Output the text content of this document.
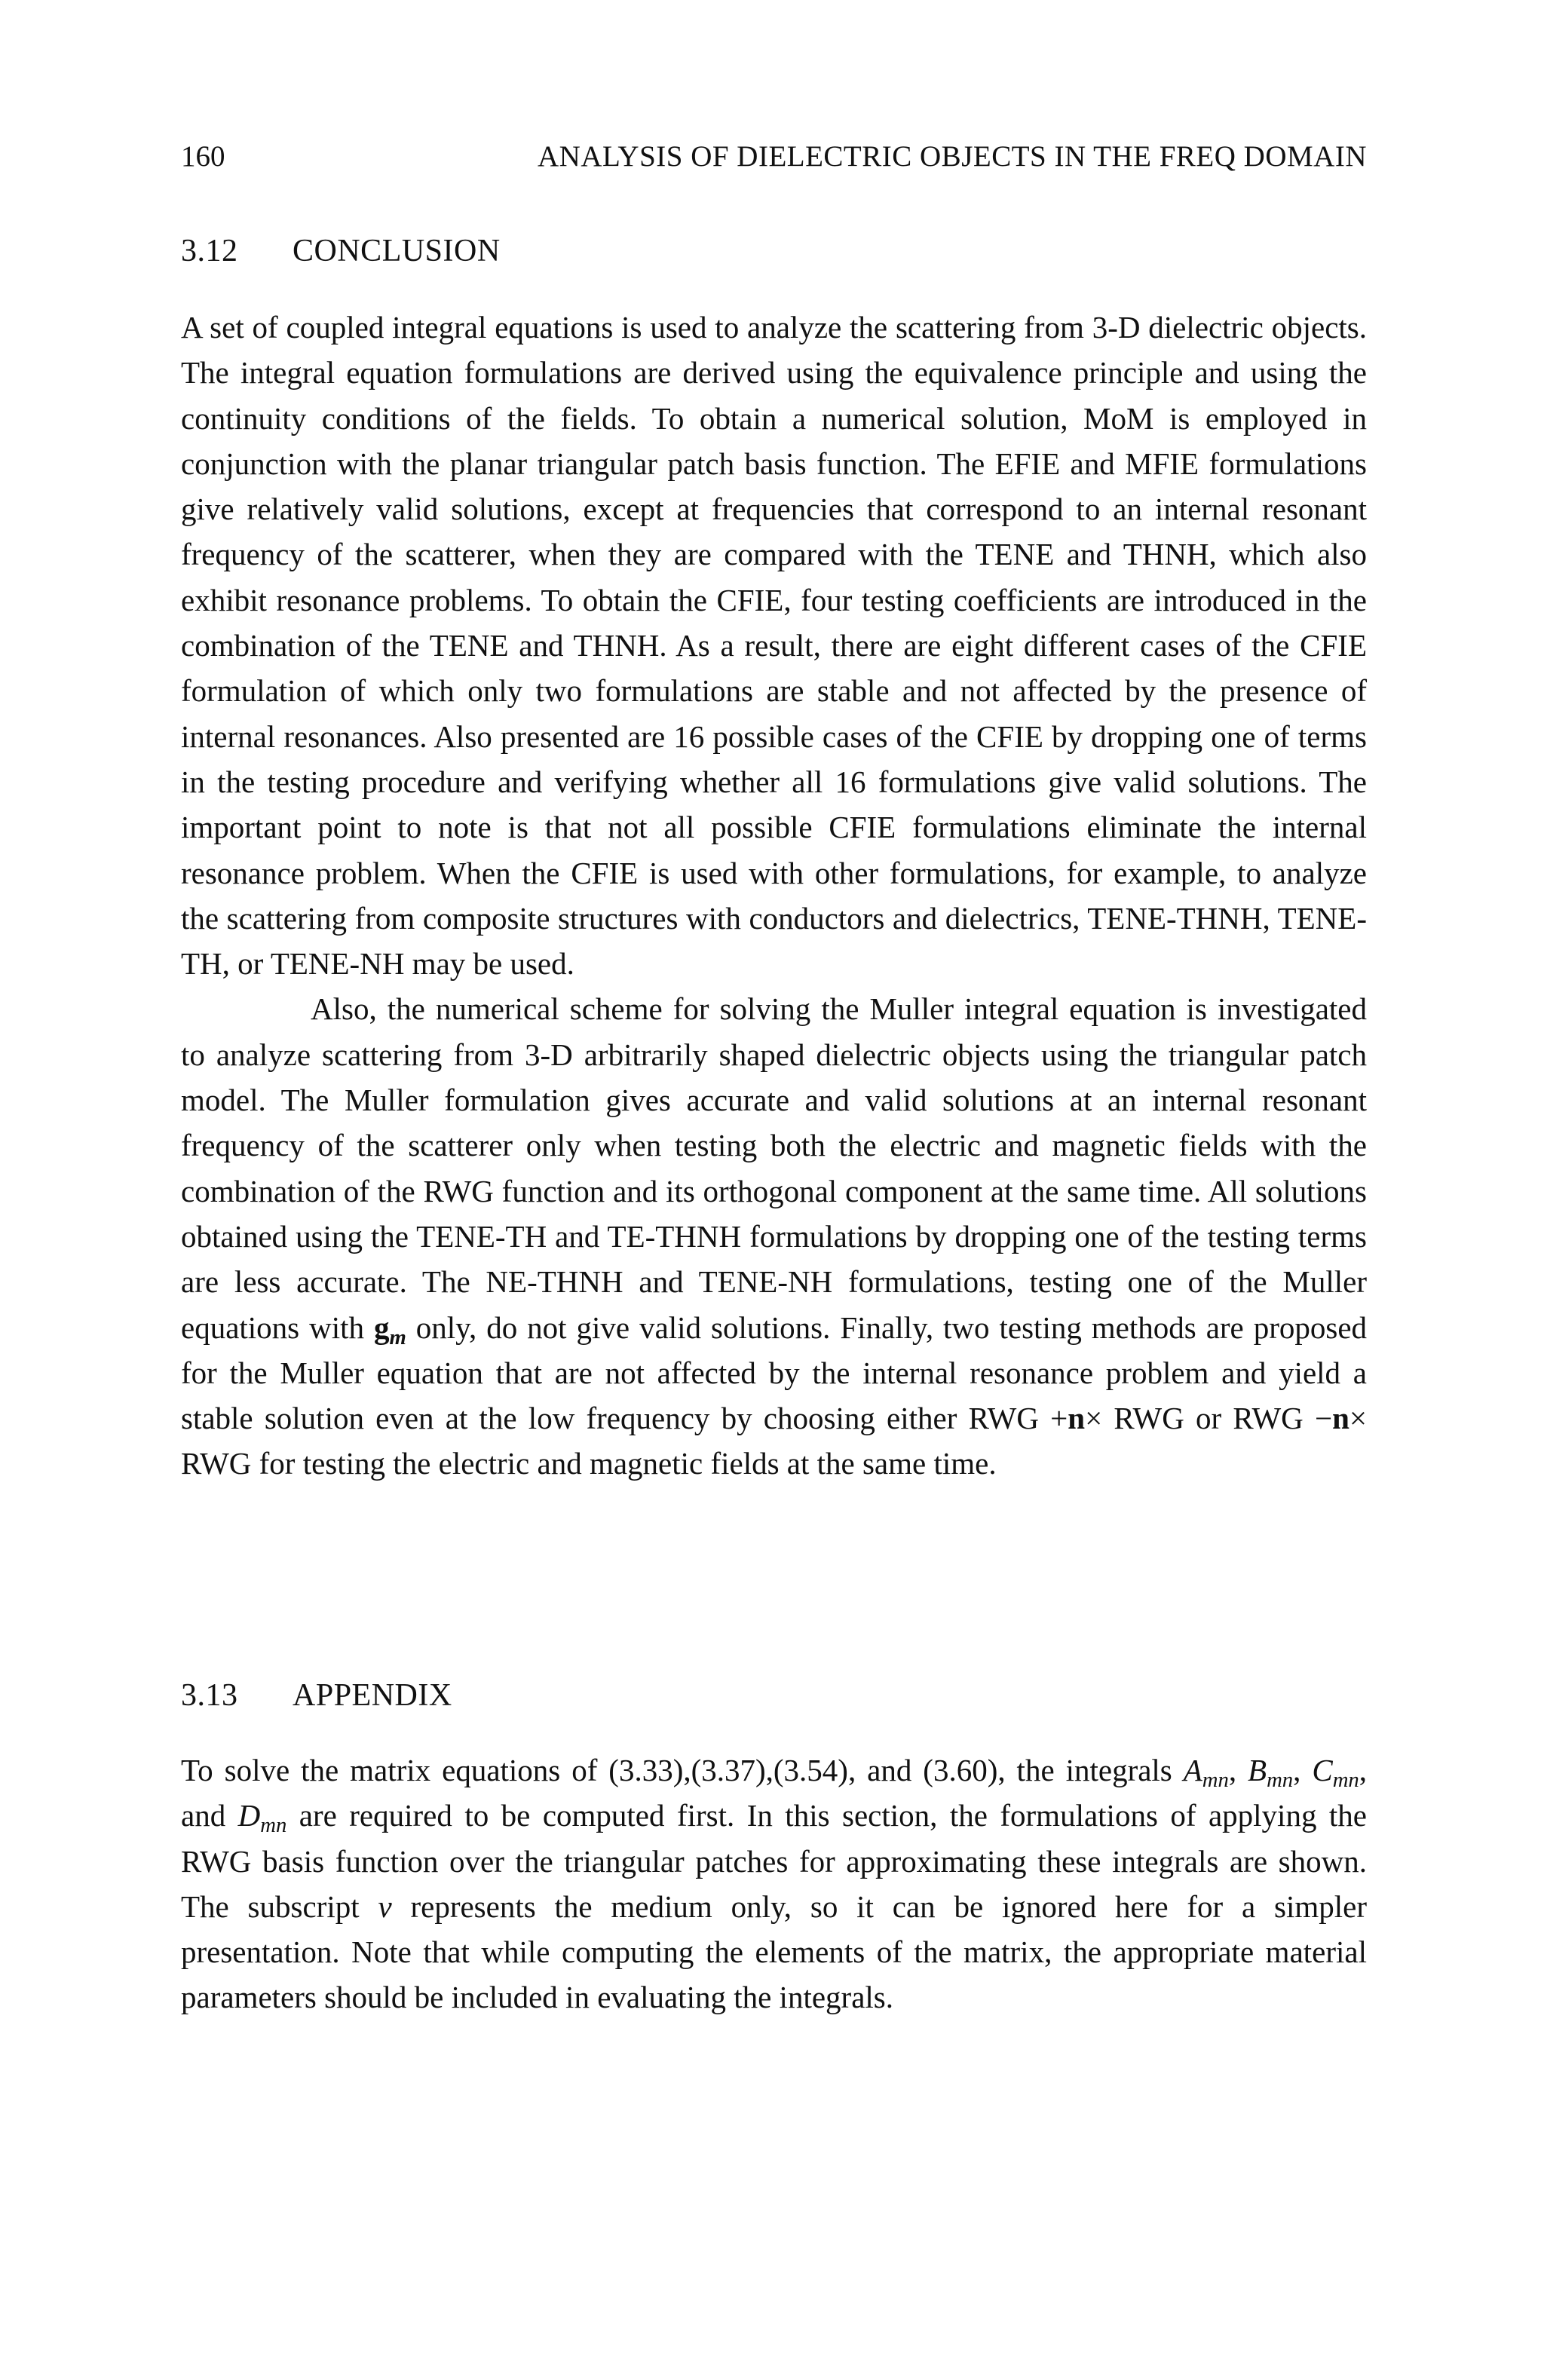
160	ANALYSIS OF DIELECTRIC OBJECTS IN THE FREQ DOMAIN
3.12 CONCLUSION

A set of coupled integral equations is used to analyze the scattering from 3-D dielectric objects. The integral equation formulations are derived using the equivalence principle and using the continuity conditions of the fields. To obtain a numerical solution, MoM is employed in conjunction with the planar triangular patch basis function. The EFIE and MFIE formulations give relatively valid solutions, except at frequencies that correspond to an internal resonant frequency of the scatterer, when they are compared with the TENE and THNH, which also exhibit resonance problems. To obtain the CFIE, four testing coefficients are introduced in the combination of the TENE and THNH. As a result, there are eight different cases of the CFIE formulation of which only two formulations are stable and not affected by the presence of internal resonances. Also presented are 16 possible cases of the CFIE by dropping one of terms in the testing procedure and verifying whether all 16 formulations give valid solutions. The important point to note is that not all possible CFIE formulations eliminate the internal resonance problem. When the CFIE is used with other formulations, for example, to analyze the scattering from composite structures with conductors and dielectrics, TENE-THNH, TENE-TH, or TENE-NH may be used.

Also, the numerical scheme for solving the Muller integral equation is investigated to analyze scattering from 3-D arbitrarily shaped dielectric objects using the triangular patch model. The Muller formulation gives accurate and valid solutions at an internal resonant frequency of the scatterer only when testing both the electric and magnetic fields with the combination of the RWG function and its orthogonal component at the same time. All solutions obtained using the TENE-TH and TE-THNH formulations by dropping one of the testing terms are less accurate. The NE-THNH and TENE-NH formulations, testing one of the Muller equations with $g_m$ only, do not give valid solutions. Finally, two testing methods are proposed for the Muller equation that are not affected by the internal resonance problem and yield a stable solution even at the low frequency by choosing either RWG +n× RWG or RWG −n× RWG for testing the electric and magnetic fields at the same time.

3.13 APPENDIX

To solve the matrix equations of (3.33),(3.37),(3.54), and (3.60), the integrals $A_{mn}$, $B_{mn}$, $C_{mn}$, and $D_{mn}$ are required to be computed first. In this section, the formulations of applying the RWG basis function over the triangular patches for approximating these integrals are shown. The subscript ν represents the medium only, so it can be ignored here for a simpler presentation. Note that while computing the elements of the matrix, the appropriate material parameters should be included in evaluating the integrals.
